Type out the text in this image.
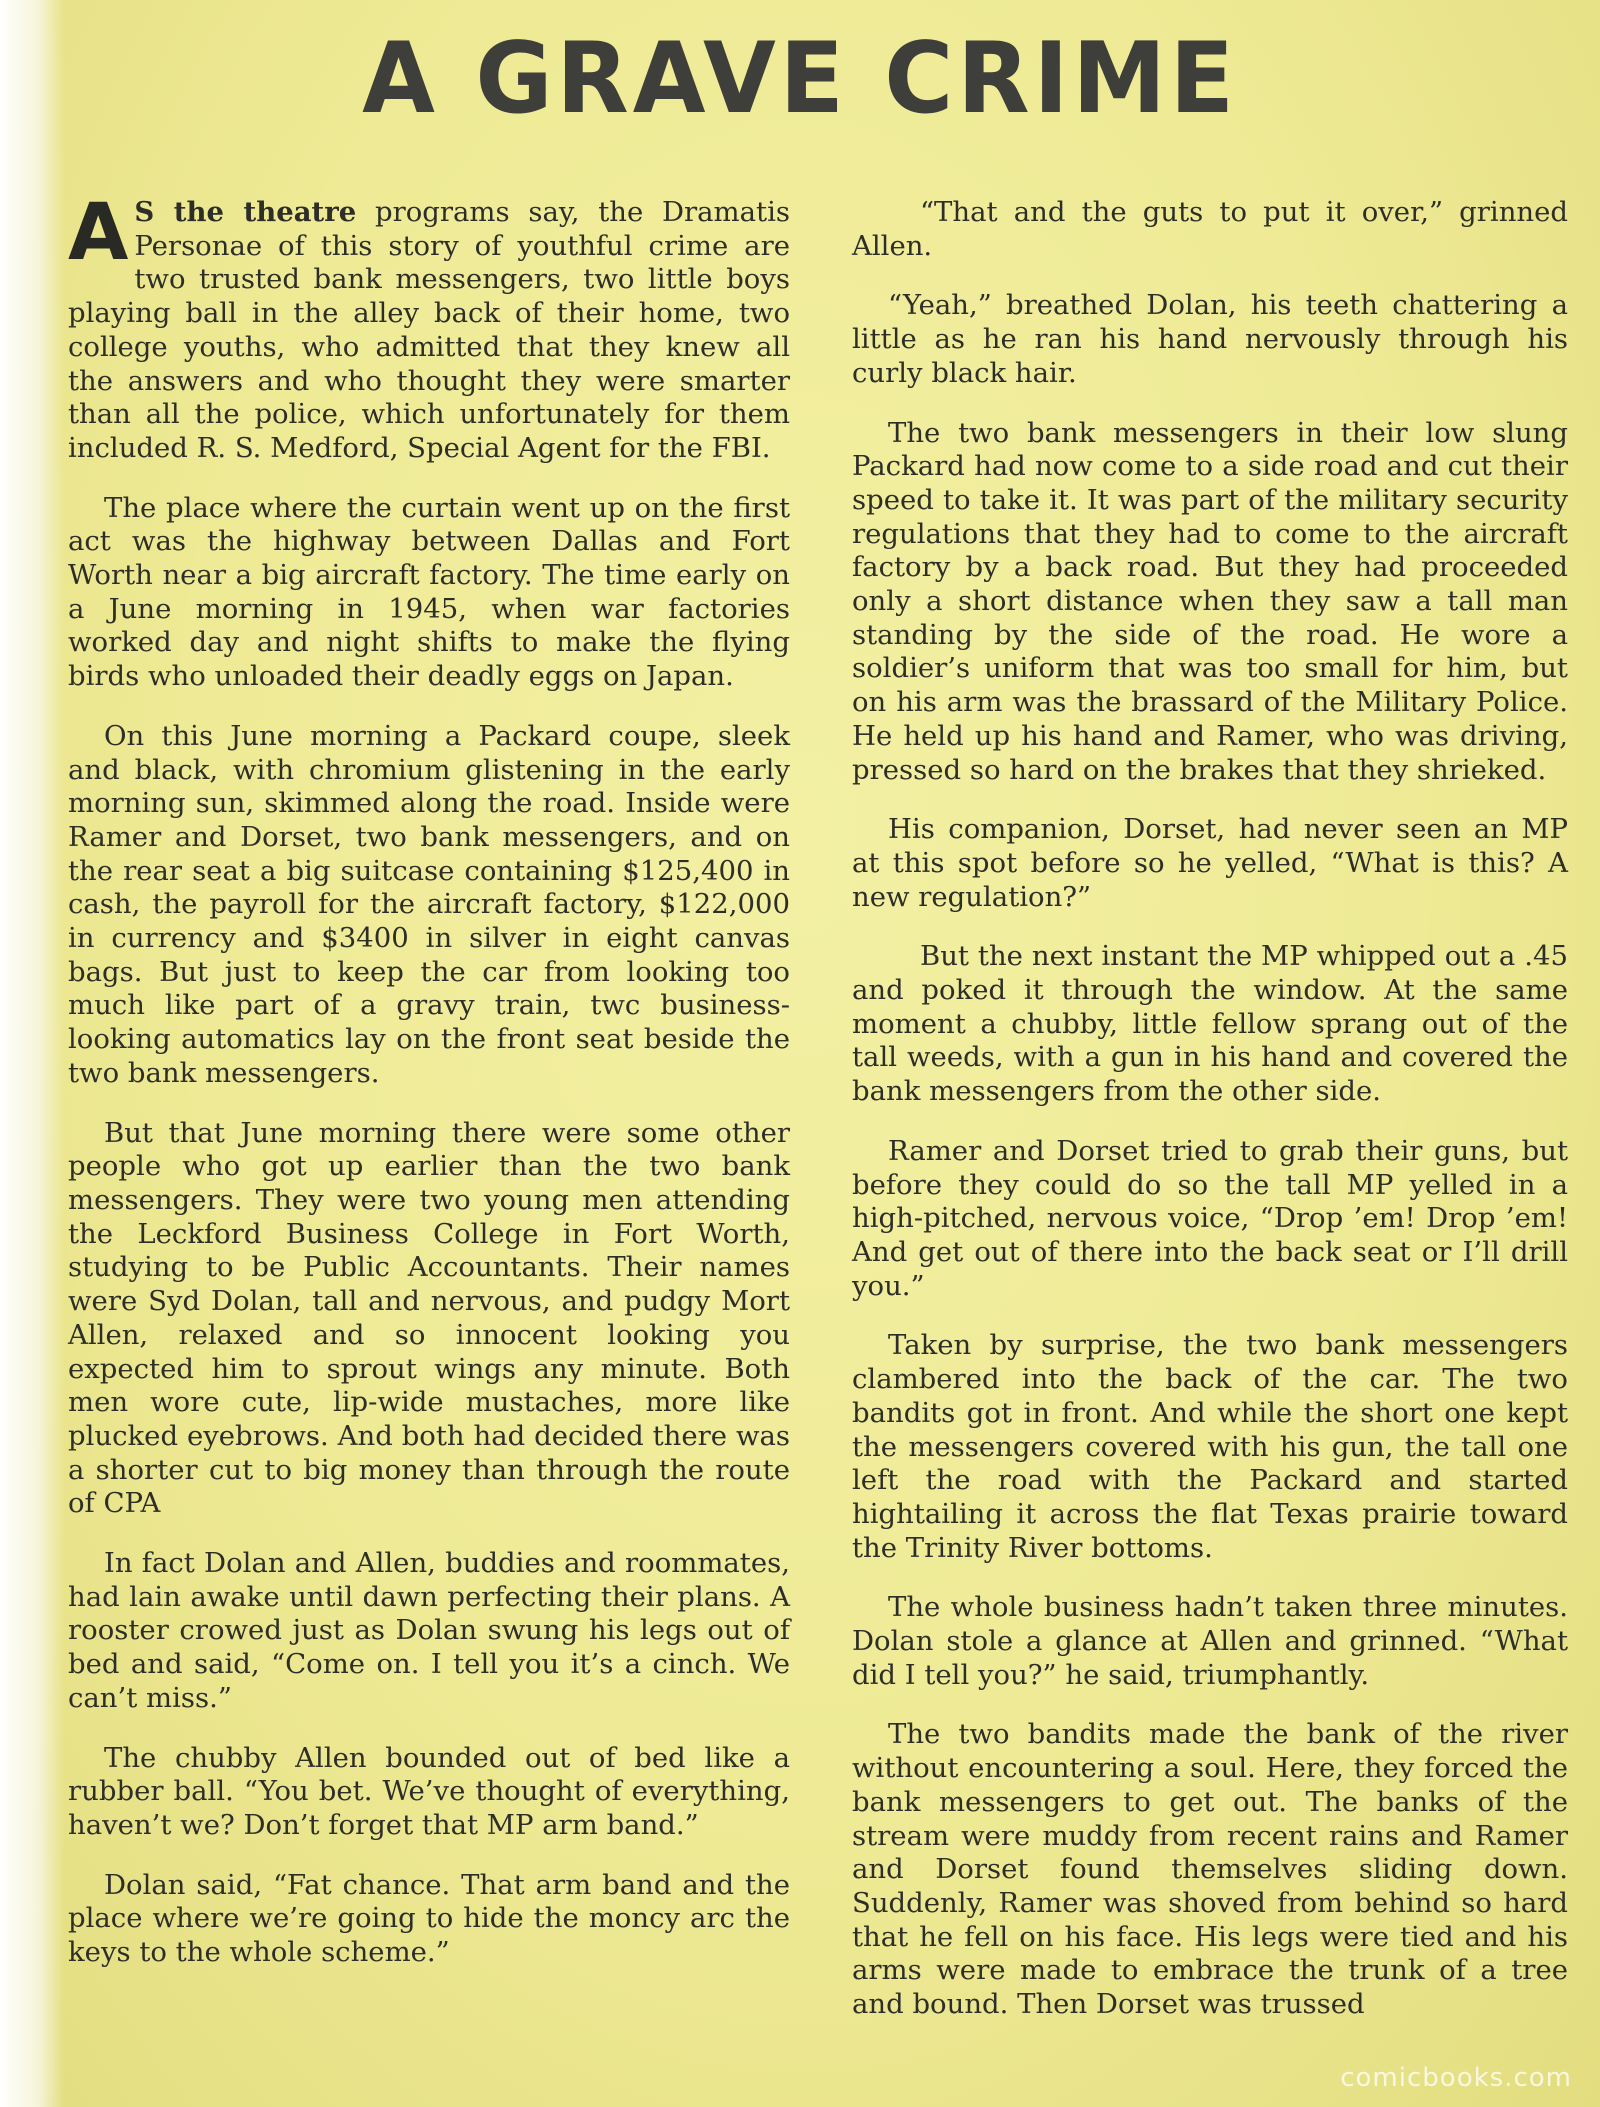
A GRAVE CRIME

A S the theatre programs say, the Dramatis Personae of this story of youthful crime are two trusted bank messengers, two little boys playing ball in the alley back of their home, two college youths, who admitted that they knew all the answers and who thought they were smarter than all the police, which unfortunately for them included R. S. Medford, Special Agent for the FBI.

The place where the curtain went up on the first act was the highway between Dallas and Fort Worth near a big aircraft factory. The time early on a June morning in 1945, when war factories worked day and night shifts to make the flying birds who unloaded their deadly eggs on Japan.

On this June morning a Packard coupe, sleek and black, with chromium glistening in the early morning sun, skimmed along the road. Inside were Ramer and Dorset, two bank messengers, and on the rear seat a big suitcase containing $125,400 in cash, the payroll for the aircraft factory, $122,000 in currency and $3400 in silver in eight canvas bags. But just to keep the car from looking too much like part of a gravy train, twc business-looking automatics lay on the front seat beside the two bank messengers.

But that June morning there were some other people who got up earlier than the two bank messengers. They were two young men attending the Leckford Business College in Fort Worth, studying to be Public Accountants. Their names were Syd Dolan, tall and nervous, and pudgy Mort Allen, relaxed and so innocent looking you expected him to sprout wings any minute. Both men wore cute, lip-wide mustaches, more like plucked eyebrows. And both had decided there was a shorter cut to big money than through the route of CPA

In fact Dolan and Allen, buddies and roommates, had lain awake until dawn perfecting their plans. A rooster crowed just as Dolan swung his legs out of bed and said, “Come on. I tell you it’s a cinch. We can’t miss.”

The chubby Allen bounded out of bed like a rubber ball. “You bet. We’ve thought of everything, haven’t we? Don’t forget that MP arm band.”

Dolan said, “Fat chance. That arm band and the place where we’re going to hide the moncy arc the keys to the whole scheme.”

“That and the guts to put it over,” grinned Allen.

“Yeah,” breathed Dolan, his teeth chattering a little as he ran his hand nervously through his curly black hair.

The two bank messengers in their low slung Packard had now come to a side road and cut their speed to take it. It was part of the military security regulations that they had to come to the aircraft factory by a back road. But they had proceeded only a short distance when they saw a tall man standing by the side of the road. He wore a soldier’s uniform that was too small for him, but on his arm was the brassard of the Military Police. He held up his hand and Ramer, who was driving, pressed so hard on the brakes that they shrieked.

His companion, Dorset, had never seen an MP at this spot before so he yelled, “What is this? A new regulation?”

But the next instant the MP whipped out a .45 and poked it through the window. At the same moment a chubby, little fellow sprang out of the tall weeds, with a gun in his hand and covered the bank messengers from the other side.

Ramer and Dorset tried to grab their guns, but before they could do so the tall MP yelled in a high-pitched, nervous voice, “Drop ’em! Drop ’em! And get out of there into the back seat or I’ll drill you.”

Taken by surprise, the two bank messengers clambered into the back of the car. The two bandits got in front. And while the short one kept the messengers covered with his gun, the tall one left the road with the Packard and started hightailing it across the flat Texas prairie toward the Trinity River bottoms.

The whole business hadn’t taken three minutes. Dolan stole a glance at Allen and grinned. “What did I tell you?” he said, triumphantly.

The two bandits made the bank of the river without encountering a soul. Here, they forced the bank messengers to get out. The banks of the stream were muddy from recent rains and Ramer and Dorset found themselves sliding down. Suddenly, Ramer was shoved from behind so hard that he fell on his face. His legs were tied and his arms were made to embrace the trunk of a tree and bound. Then Dorset was trussed

comicbooks.com
